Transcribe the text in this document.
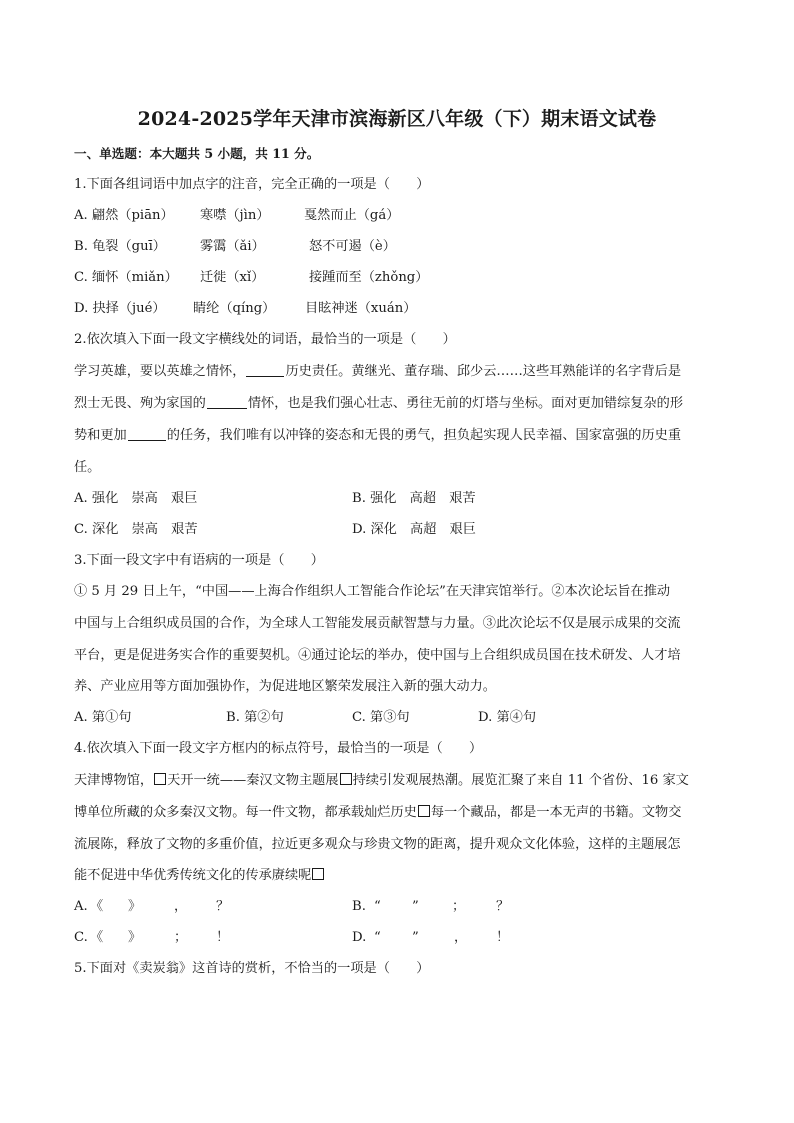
2024-2025学年天津市滨海新区八年级（下）期末语文试卷
一、单选题：本大题共 5 小题，共 11 分。
1.下面各组词语中加点字的注音，完全正确的一项是（　　）
A. 翩然（piān） 寒噤（jìn）	戛然而止（gá）
B. 龟裂（guī）	雾霭（ǎi）	怒不可遏（è）
C. 缅怀（miǎn） 迁徙（xǐ）	接踵而至（zhǒng）
D. 抉择（jué） 睛纶（qíng） 目眩神迷（xuán）
2.依次填入下面一段文字横线处的词语，最恰当的一项是（　　）
学习英雄，要以英雄之情怀，	历史责任。黄继光、董存瑞、邱少云……这些耳熟能详的名字背后是
烈士无畏、殉为家国的	情怀，也是我们强心壮志、勇往无前的灯塔与坐标。面对更加错综复杂的形
势和更加	的任务，我们唯有以冲锋的姿态和无畏的勇气，担负起实现人民幸福、国家富强的历史重
任。
A. 强化　崇高　艰巨	B. 强化　高超　艰苦
C. 深化　崇高　艰苦	D. 深化　高超　艰巨
3.下面一段文字中有语病的一项是（　　）
① 5 月 29 日上午，“中国——上海合作组织人工智能合作论坛”在天津宾馆举行。②本次论坛旨在推动
中国与上合组织成员国的合作，为全球人工智能发展贡献智慧与力量。③此次论坛不仅是展示成果的交流
平台，更是促进务实合作的重要契机。④通过论坛的举办，使中国与上合组织成员国在技术研发、人才培
养、产业应用等方面加强协作，为促进地区繁荣发展注入新的强大动力。
A. 第①句	B. 第②句	C. 第③句	D. 第④句
4.依次填入下面一段文字方框内的标点符号，最恰当的一项是（　　）
天津博物馆， 天开一统——秦汉文物主题展 持续引发观展热潮。展览汇聚了来自 11 个省份、16 家文
博单位所藏的众多秦汉文物。每一件文物，都承载灿烂历史 每一个藏品，都是一本无声的书籍。文物交
流展陈，释放了文物的多重价值，拉近更多观众与珍贵文物的距离，提升观众文化体验，这样的主题展怎
能不促进中华优秀传统文化的传承赓续呢
A. 《 》 ， ？	B. “ ”	； ？
C. 《 》 ； ！	D. “ ”	， ！
5.下面对《卖炭翁》这首诗的赏析，不恰当的一项是（　　）
